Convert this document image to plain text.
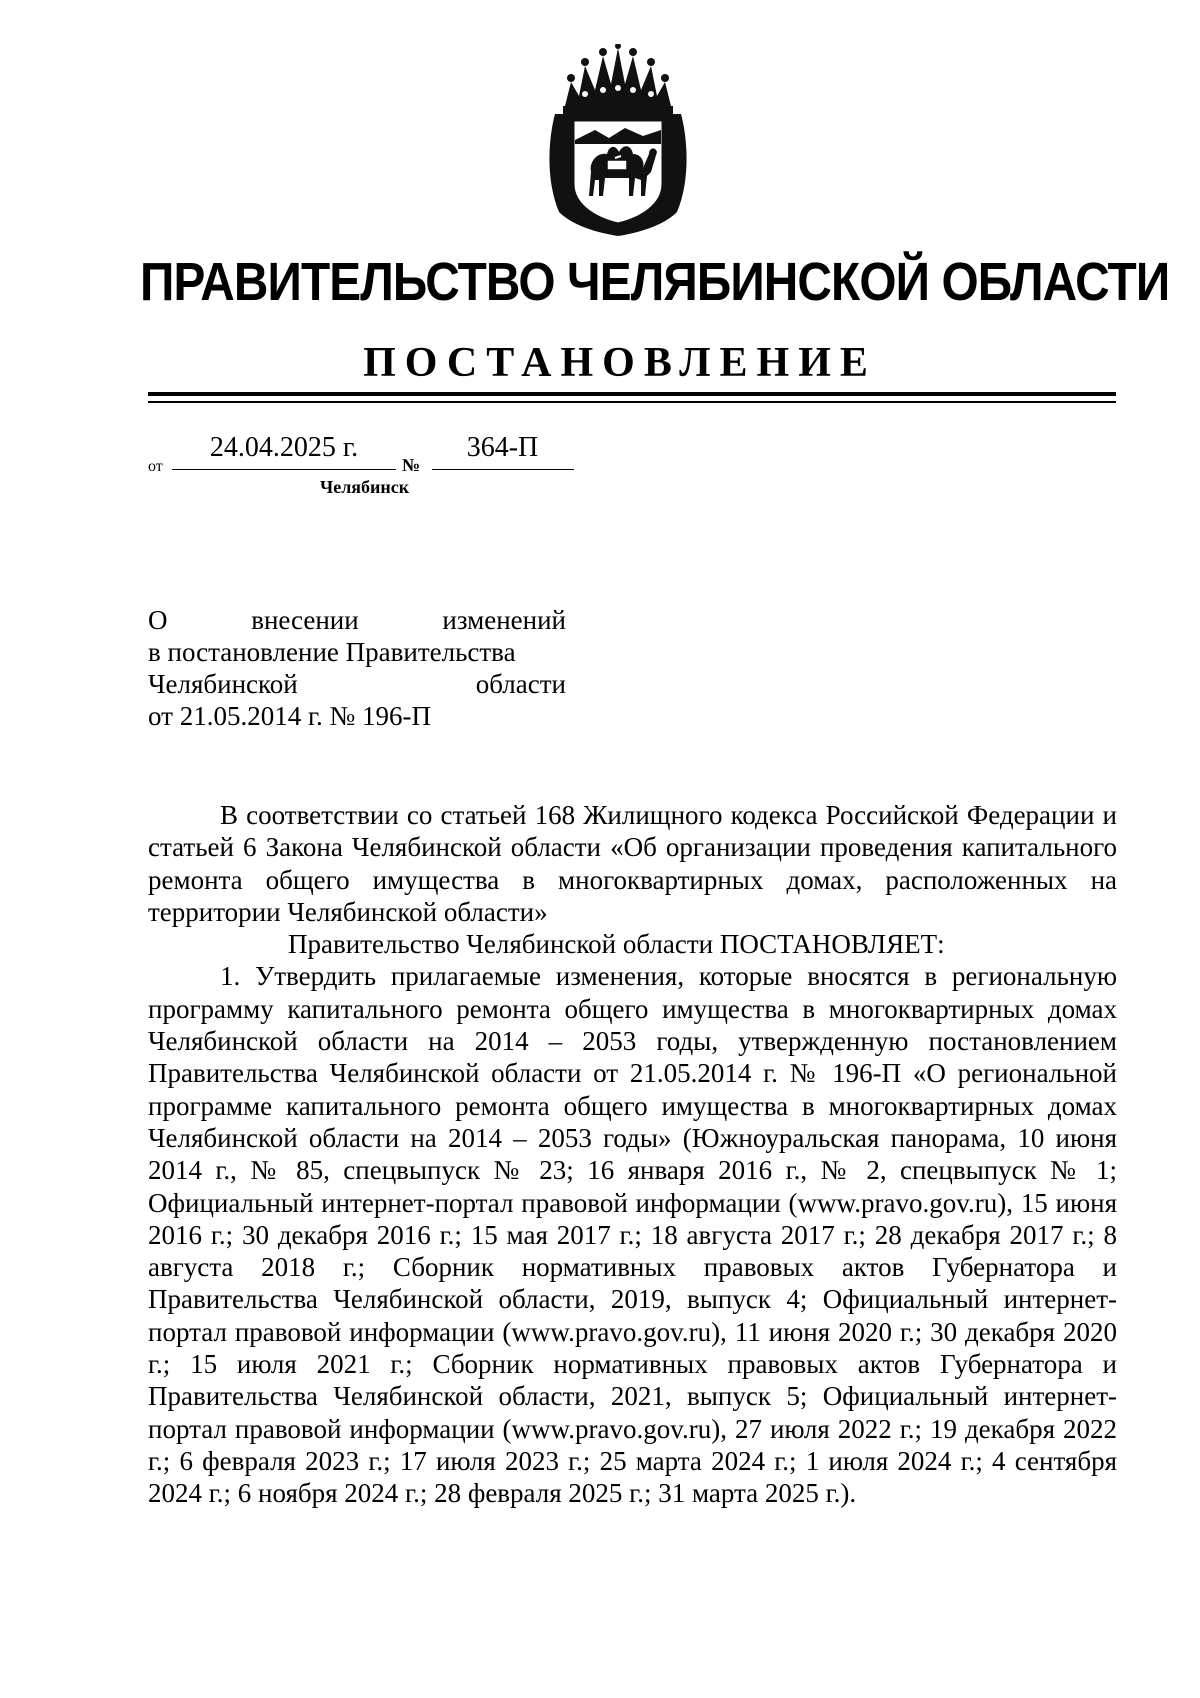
ПРАВИТЕЛЬСТВО ЧЕЛЯБИНСКОЙ ОБЛАСТИ
ПОСТАНОВЛЕНИЕ
от
24.04.2025 г.
№
364-П
Челябинск
О	внесении	изменений
в постановление Правительства
Челябинской	области
от 21.05.2014 г. № 196-П

В соответствии со статьей 168 Жилищного кодекса Российской Федерации и статьей 6 Закона Челябинской области «Об организации проведения капитального ремонта общего имущества в многоквартирных домах, расположенных на территории Челябинской области»

Правительство Челябинской области ПОСТАНОВЛЯЕТ:

1. Утвердить прилагаемые изменения, которые вносятся в региональную программу капитального ремонта общего имущества в многоквартирных домах Челябинской области на 2014 – 2053 годы, утвержденную постановлением Правительства Челябинской области от 21.05.2014 г. № 196-П «О региональной программе капитального ремонта общего имущества в многоквартирных домах Челябинской области на 2014 – 2053 годы» (Южноуральская панорама, 10 июня 2014 г., № 85, спецвыпуск № 23; 16 января 2016 г., № 2, спецвыпуск № 1; Официальный интернет-портал правовой информации (www.pravo.gov.ru), 15 июня 2016 г.; 30 декабря 2016 г.; 15 мая 2017 г.; 18 августа 2017 г.; 28 декабря 2017 г.; 8 августа 2018 г.; Сборник нормативных правовых актов Губернатора и Правительства Челябинской области, 2019, выпуск 4; Официальный интернет-портал правовой информации (www.pravo.gov.ru), 11 июня 2020 г.; 30 декабря 2020 г.; 15 июля 2021 г.; Сборник нормативных правовых актов Губернатора и Правительства Челябинской области, 2021, выпуск 5; Официальный интернет-портал правовой информации (www.pravo.gov.ru), 27 июля 2022 г.; 19 декабря 2022 г.; 6 февраля 2023 г.; 17 июля 2023 г.; 25 марта 2024 г.; 1 июля 2024 г.; 4 сентября 2024 г.; 6 ноября 2024 г.; 28 февраля 2025 г.; 31 марта 2025 г.).
